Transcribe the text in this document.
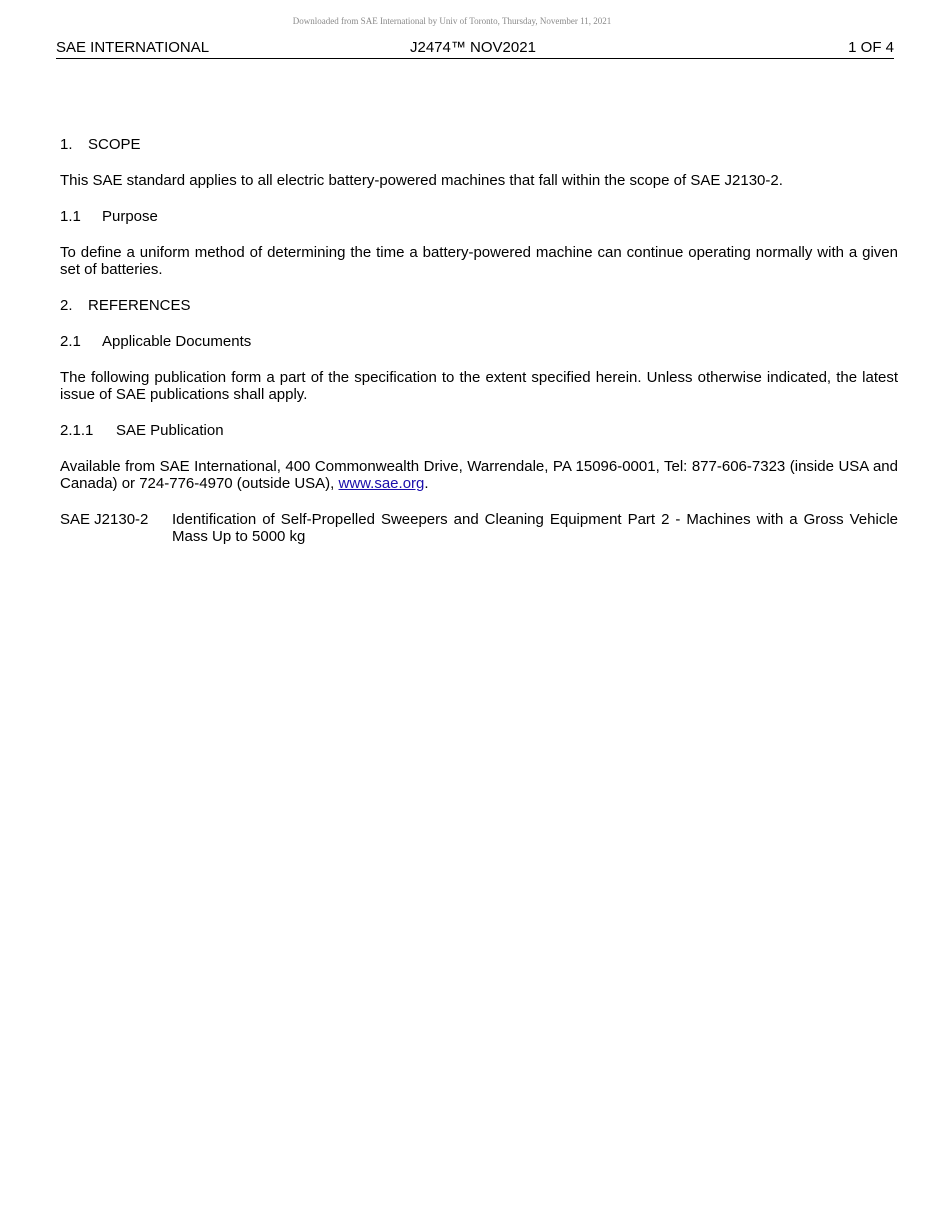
Downloaded from SAE International by Univ of Toronto, Thursday, November 11, 2021
SAE INTERNATIONAL	J2474™ NOV2021	1 OF 4

1.	SCOPE

This SAE standard applies to all electric battery-powered machines that fall within the scope of SAE J2130-2.

1.1	Purpose

To define a uniform method of determining the time a battery-powered machine can continue operating normally with a given set of batteries.

2.	REFERENCES

2.1	Applicable Documents

The following publication form a part of the specification to the extent specified herein. Unless otherwise indicated, the latest issue of SAE publications shall apply.

2.1.1	SAE Publication

Available from SAE International, 400 Commonwealth Drive, Warrendale, PA 15096-0001, Tel: 877-606-7323 (inside USA and Canada) or 724-776-4970 (outside USA), www.sae.org.

SAE J2130-2	Identification of Self-Propelled Sweepers and Cleaning Equipment Part 2 - Machines with a Gross Vehicle Mass Up to 5000 kg
